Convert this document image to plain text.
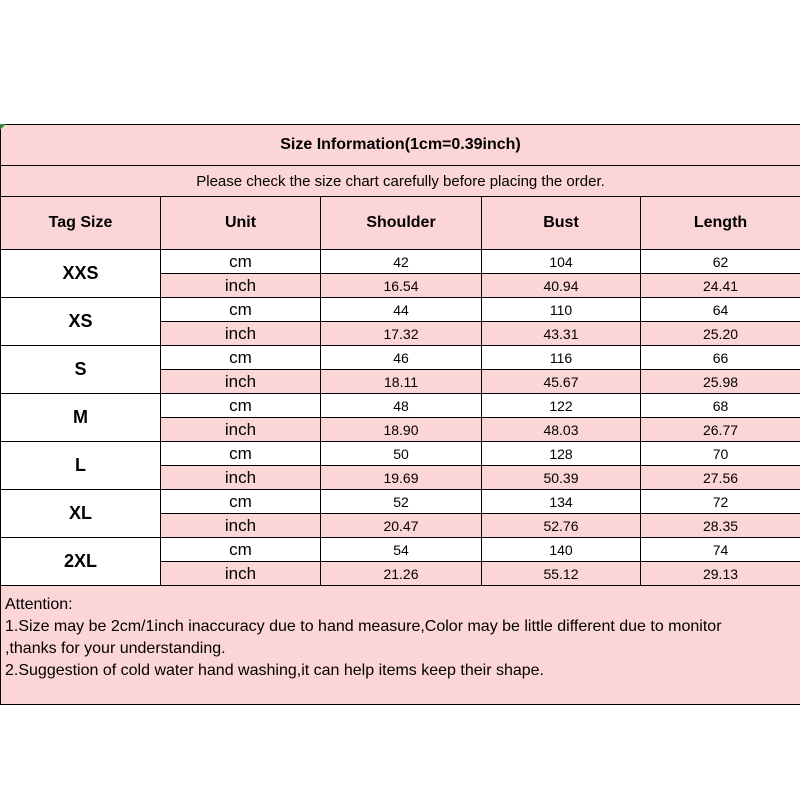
Size Information(1cm=0.39inch)				
Please check the size chart carefully before placing the order.				
Tag Size	Unit	Shoulder	Bust	Length
XXS	cm	42	104	62
	inch	16.54	40.94	24.41
XS	cm	44	110	64
	inch	17.32	43.31	25.20
S	cm	46	116	66
	inch	18.11	45.67	25.98
M	cm	48	122	68
	inch	18.90	48.03	26.77
L	cm	50	128	70
	inch	19.69	50.39	27.56
XL	cm	52	134	72
	inch	20.47	52.76	28.35
2XL	cm	54	140	74
	inch	21.26	55.12	29.13

Attention:
1.Size may be 2cm/1inch inaccuracy due to hand measure,Color may be little different due to monitor
,thanks for your understanding.
2.Suggestion of cold water hand washing,it can help items keep their shape.				
